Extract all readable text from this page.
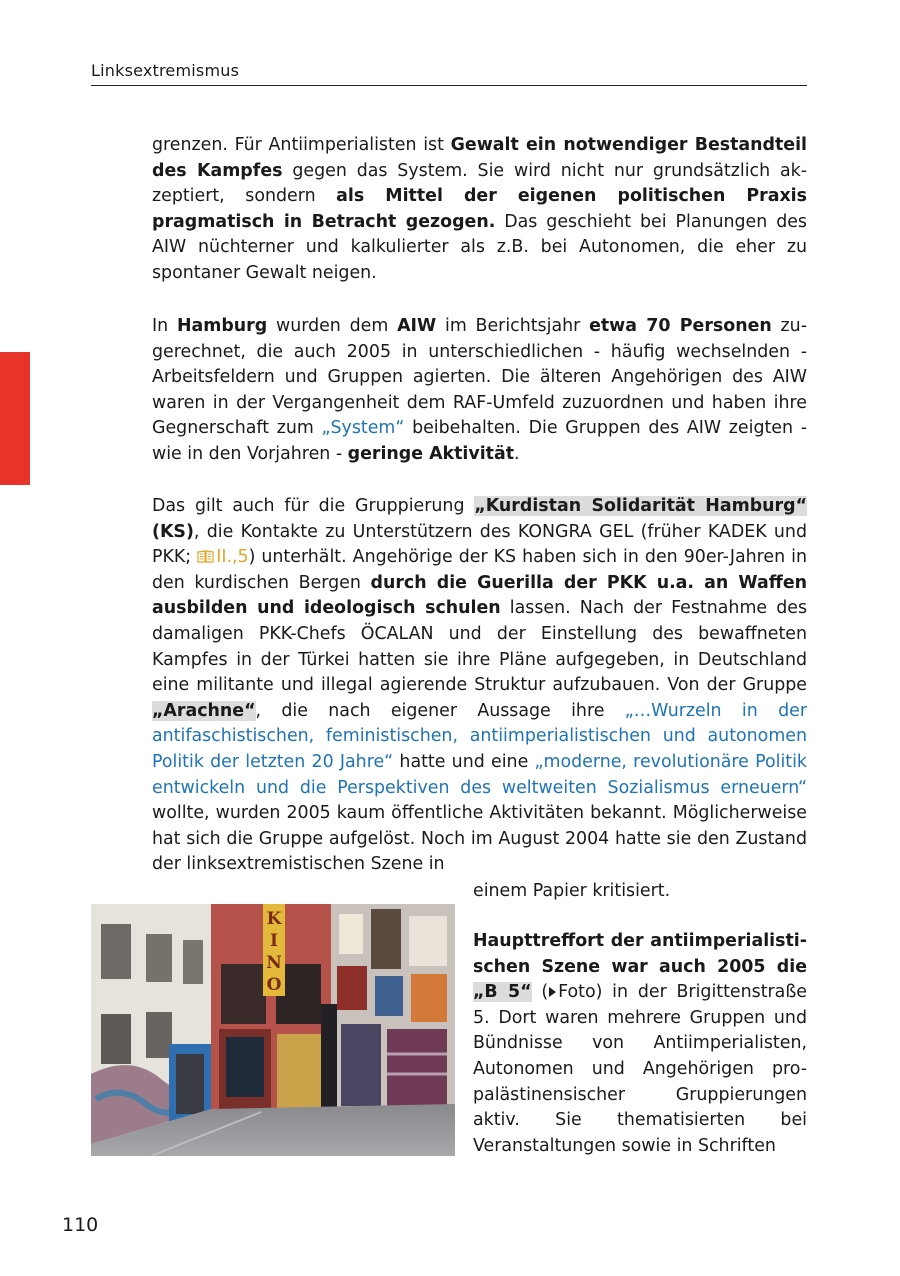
Linksextremismus

grenzen. Für Antiimperialisten ist Gewalt ein notwendiger Bestandteil des Kampfes gegen das System. Sie wird nicht nur grundsätzlich akzeptiert, sondern als Mittel der eigenen politischen Praxis pragmatisch in Betracht gezogen. Das geschieht bei Planungen des AIW nüchterner und kalkulierter als z.B. bei Autonomen, die eher zu spontaner Gewalt neigen.

In Hamburg wurden dem AIW im Berichtsjahr etwa 70 Personen zugerechnet, die auch 2005 in unterschiedlichen - häufig wechselnden - Arbeitsfeldern und Gruppen agierten. Die älteren Angehörigen des AIW waren in der Vergangenheit dem RAF-Umfeld zuzuordnen und haben ihre Gegnerschaft zum „System“ beibehalten. Die Gruppen des AIW zeigten - wie in den Vorjahren - geringe Aktivität.

Das gilt auch für die Gruppierung „Kurdistan Solidarität Hamburg“ (KS), die Kontakte zu Unterstützern des KONGRA GEL (früher KADEK und PKK; II.,5) unterhält. Angehörige der KS haben sich in den 90er-Jahren in den kurdischen Bergen durch die Guerilla der PKK u.a. an Waffen ausbilden und ideologisch schulen lassen. Nach der Festnahme des damaligen PKK-Chefs ÖCALAN und der Einstellung des bewaffneten Kampfes in der Türkei hatten sie ihre Pläne aufgegeben, in Deutschland eine militante und illegal agierende Struktur aufzubauen. Von der Gruppe „Arachne“, die nach eigener Aussage ihre „…Wurzeln in der antifaschistischen, feministischen, antiimperialistischen und autonomen Politik der letzten 20 Jahre“ hatte und eine „moderne, revolutionäre Politik entwickeln und die Perspektiven des weltweiten Sozialismus erneuern“ wollte, wurden 2005 kaum öffentliche Aktivitäten bekannt. Möglicherweise hat sich die Gruppe aufgelöst. Noch im August 2004 hatte sie den Zustand der linksextremistischen Szene in

einem Papier kritisiert.
K
I
N
O

Haupttreffort der antiimperialistischen Szene war auch 2005 die „B 5“ ( Foto) in der Brigittenstraße 5. Dort waren mehrere Gruppen und Bündnisse von Antiimperialisten, Autonomen und Angehörigen pro-palästinensischer Gruppierungen aktiv. Sie thematisierten bei Veranstaltungen sowie in Schriften

110
